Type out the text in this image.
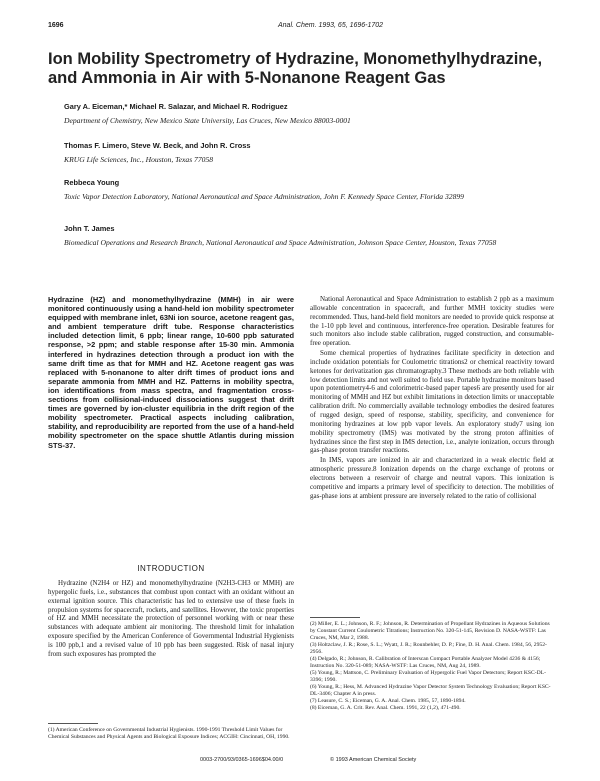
1696	Anal. Chem. 1993, 65, 1696-1702
Ion Mobility Spectrometry of Hydrazine, Monomethylhydrazine, and Ammonia in Air with 5-Nonanone Reagent Gas
Gary A. Eiceman,* Michael R. Salazar, and Michael R. Rodriguez
Department of Chemistry, New Mexico State University, Las Cruces, New Mexico 88003-0001
Thomas F. Limero, Steve W. Beck, and John R. Cross
KRUG Life Sciences, Inc., Houston, Texas 77058
Rebbeca Young
Toxic Vapor Detection Laboratory, National Aeronautical and Space Administration, John F. Kennedy Space Center, Florida 32899
John T. James
Biomedical Operations and Research Branch, National Aeronautical and Space Administration, Johnson Space Center, Houston, Texas 77058
Hydrazine (HZ) and monomethylhydrazine (MMH) in air were monitored continuously using a hand-held ion mobility spectrometer equipped with membrane inlet, 63Ni ion source, acetone reagent gas, and ambient temperature drift tube. Response characteristics included detection limit, 6 ppb; linear range, 10-600 ppb saturated response, >2 ppm; and stable response after 15-30 min. Ammonia interfered in hydrazines detection through a product ion with the same drift time as that for MMH and HZ. Acetone reagent gas was replaced with 5-nonanone to alter drift times of product ions and separate ammonia from MMH and HZ. Patterns in mobility spectra, ion identifications from mass spectra, and fragmentation cross-sections from collisional-induced dissociations suggest that drift times are governed by ion-cluster equilibria in the drift region of the mobility spectrometer. Practical aspects including calibration, stability, and reproducibility are reported from the use of a hand-held mobility spectrometer on the space shuttle Atlantis during mission STS-37.
INTRODUCTION

Hydrazine (N2H4 or HZ) and monomethylhydrazine (N2H3-CH3 or MMH) are hypergolic fuels, i.e., substances that combust upon contact with an oxidant without an external ignition source. This characteristic has led to extensive use of these fuels in propulsion systems for spacecraft, rockets, and satellites. However, the toxic properties of HZ and MMH necessitate the protection of personnel working with or near these substances with adequate ambient air monitoring. The threshold limit for inhalation exposure specified by the American Conference of Governmental Industrial Hygienists is 100 ppb,1 and a revised value of 10 ppb has been suggested. Risk of nasal injury from such exposures has prompted the

(1) American Conference on Governmental Industrial Hygienists. 1990-1991 Threshold Limit Values for Chemical Substances and Physical Agents and Biological Exposure Indices; ACGIH: Cincinnati, OH, 1990.

National Aeronautical and Space Administration to establish 2 ppb as a maximum allowable concentration in spacecraft, and further MMH toxicity studies were recommended. Thus, hand-held field monitors are needed to provide quick response at the 1-10 ppb level and continuous, interference-free operation. Desirable features for such monitors also include stable calibration, rugged construction, and consumable-free operation.

Some chemical properties of hydrazines facilitate specificity in detection and include oxidation potentials for Coulometric titrations2 or chemical reactivity toward ketones for derivatization gas chromatography.3 These methods are both reliable with low detection limits and not well suited to field use. Portable hydrazine monitors based upon potentiometry4-6 and colorimetric-based paper tapes6 are presently used for air monitoring of MMH and HZ but exhibit limitations in detection limits or unacceptable calibration drift. No commercially available technology embodies the desired features of rugged design, speed of response, stability, specificity, and convenience for monitoring hydrazines at low ppb vapor levels. An exploratory study7 using ion mobility spectrometry (IMS) was motivated by the strong proton affinities of hydrazines since the first step in IMS detection, i.e., analyte ionization, occurs through gas-phase proton transfer reactions.

In IMS, vapors are ionized in air and characterized in a weak electric field at atmospheric pressure.8 Ionization depends on the charge exchange of protons or electrons between a reservoir of charge and neutral vapors. This ionization is competitive and imparts a primary level of specificity to detection. The mobilities of gas-phase ions at ambient pressure are inversely related to the ratio of collisional

(2) Miller, E. L.; Johnson, R. F.; Johnson, R. Determination of Propellant Hydrazines in Aqueous Solutions by Constant Current Coulometric Titrations; Instruction No. 320-51-145, Revision D. NASA-WSTF: Las Cruces, NM, Mar 2, 1988.
(3) Holtzclaw, J. R.; Rose, S. L.; Wyatt, J. R.; Rounbehler, D. P.; Fine, D. H. Anal. Chem. 1984, 56, 2952-2956.
(4) Delgado, R.; Johnson, R. Calibration of Interscan Compact Portable Analyzer Model 4236 & 4156; Instruction No. 320-51-089; NASA-WSTF: Las Cruces, NM, Aug 24, 1989.
(5) Young, R.; Mattson, C. Preliminary Evaluation of Hypergolic Fuel Vapor Detectors; Report KSC-DL-3396; 1990.
(6) Young, R.; Hess, M. Advanced Hydrazine Vapor Detector System Technology Evaluation; Report KSC-DL-3406; Chapter A in press.
(7) Leasure, C. S.; Eiceman, G. A. Anal. Chem. 1985, 57, 1890-1894.
(8) Eiceman, G. A. Crit. Rev. Anal. Chem. 1991, 22 (1,2), 471-490.
0003-2700/93/0365-1696$04.00/0	© 1993 American Chemical Society
